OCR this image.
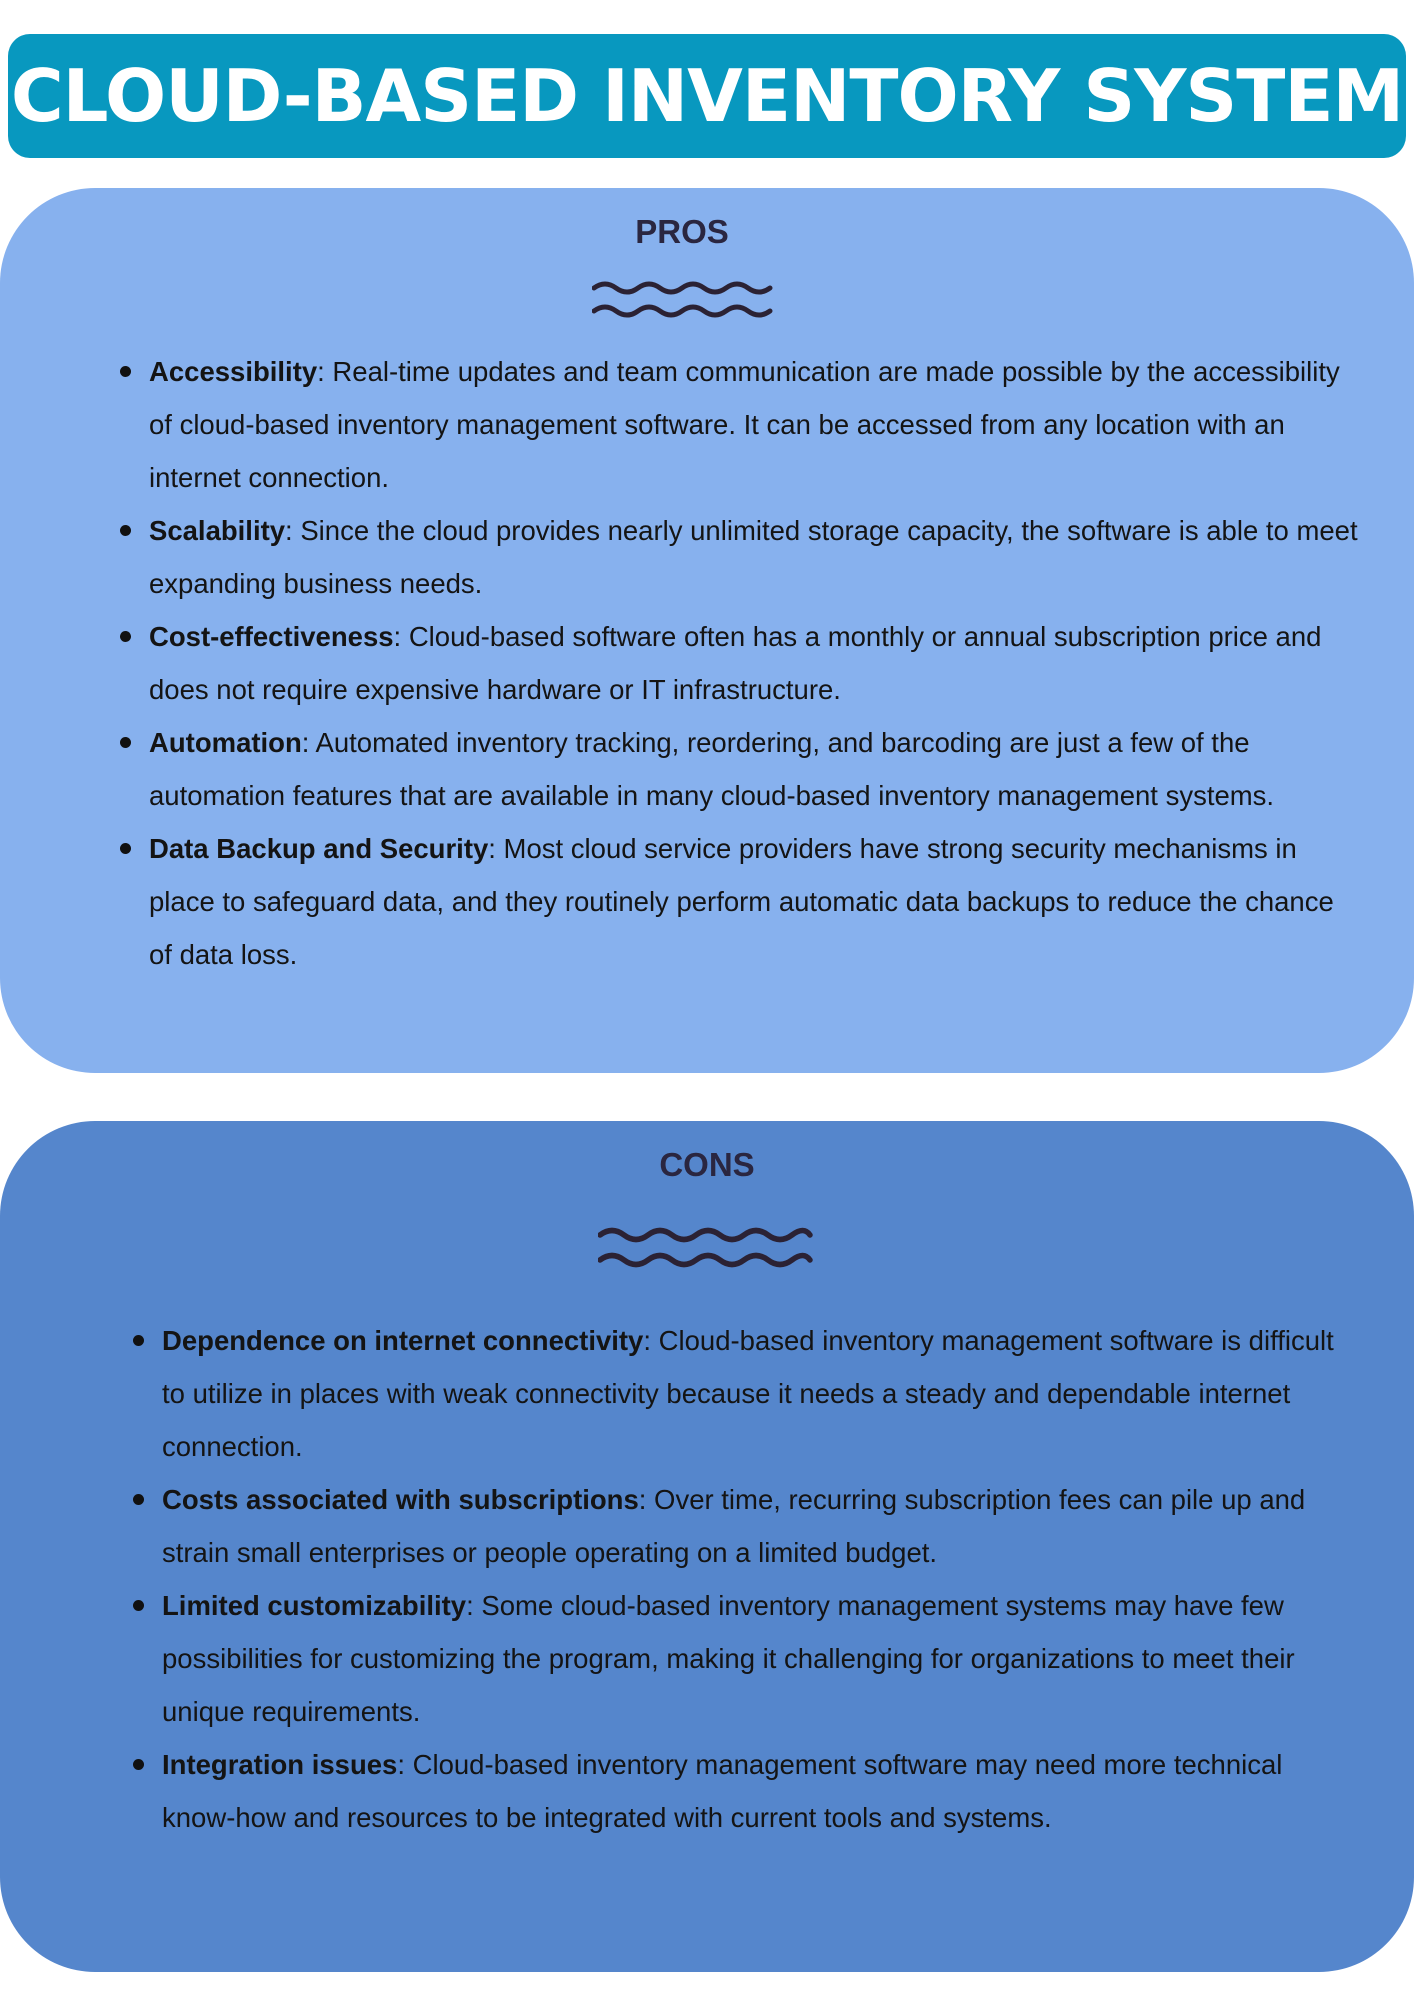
CLOUD-BASED INVENTORY SYSTEM
PROS
Accessibility: Real-time updates and team communication are made possible by the accessibility of cloud-based inventory management software. It can be accessed from any location with an internet connection.
Scalability: Since the cloud provides nearly unlimited storage capacity, the software is able to meet expanding business needs.
Cost-effectiveness: Cloud-based software often has a monthly or annual subscription price and does not require expensive hardware or IT infrastructure.
Automation: Automated inventory tracking, reordering, and barcoding are just a few of the automation features that are available in many cloud-based inventory management systems.
Data Backup and Security: Most cloud service providers have strong security mechanisms in place to safeguard data, and they routinely perform automatic data backups to reduce the chance of data loss.
CONS
Dependence on internet connectivity: Cloud-based inventory management software is difficult to utilize in places with weak connectivity because it needs a steady and dependable internet connection.
Costs associated with subscriptions: Over time, recurring subscription fees can pile up and strain small enterprises or people operating on a limited budget.
Limited customizability: Some cloud-based inventory management systems may have few possibilities for customizing the program, making it challenging for organizations to meet their unique requirements.
Integration issues: Cloud-based inventory management software may need more technical know-how and resources to be integrated with current tools and systems.
